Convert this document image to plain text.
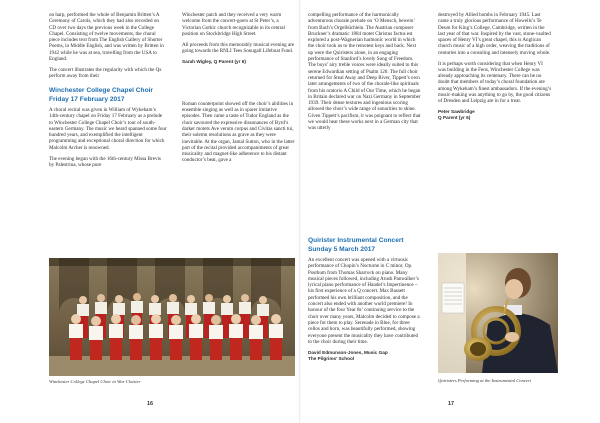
on harp, performed the whole of Benjamin Britten’s A Ceremony of Carols, which they had also recorded on CD over two days the previous week in the College Chapel. Consisting of twelve movements, the choral piece includes text from The English Gallery of Shorter Poems, in Middle English, and was written by Britten in 1942 while he was at sea, travelling from the USA to England.

The concert illustrates the regularity with which the Qs perform away from their

Winchester College Chapel Choir
Friday 17 February 2017

A choral recital was given in William of Wykeham’s 14th-century chapel on Friday 17 February as a prelude to Winchester College Chapel Choir’s tour of south-eastern Germany. The music we heard spanned some four hundred years, and exemplified the intelligent programming and exceptional choral direction for which Malcolm Archer is renowned.

The evening began with the 16th-century Missa Brevis by Palestrina, whose pure

Winchester patch and they received a very warm welcome from the concert-goers at St Peter’s, a Victorian Gothic church recognizable in its central position on Stockbridge High Street.

All proceeds from this memorably musical evening are going towards the RNLI Tees Sonugall Lifeboat Fund.

Sarah Wigley, Q Parent (yr 6)

Roman counterpoint showed off the choir’s abilities in ensemble singing as well as in sparer imitative episodes. Then came a taste of Tudor England as the choir savoured the expressive dissonances of Byrd’s darker motets Ave verum corpus and Civitas sancti tui, their solemn resolutions as grave as they were inevitable. At the organ, Jamal Sutton, who in the latter part of the recital provided accompaniments of great musicality and magnet-like adherence to his distant conductor’s beat, gave a

Winchester College Chapel Choir in War Cloister
16

compelling performance of the harmonically adventurous chorale prelude on ‘O Mensch, bewein’ from Bach’s Orgelbüchlein. The Austrian composer Bruckner’s dramatic 1884 motet Christus factus est explored a post-Wagnerian harmonic world in which the choir took us to the remotest keys and back. Next up were the Quiristers alone, in an engaging performance of Stanford’s lovely Song of Freedom. The boys’ airy treble voices were ideally suited to this serene Edwardian setting of Psalm 126. The full choir returned for Steal Away and Deep River, Tippett’s own later arrangements of two of the chorale-like spirituals from his oratorio A Child of Our Time, which he began in Britain declared war on Nazi Germany in September 1939. Their dense textures and ingenious scoring allowed the choir’s wide range of sonorities to shine. Given Tippett’s pacifism, it was poignant to reflect that we would hear these works next in a German city that was utterly

destroyed by Allied bombs in February 1945. Last came a truly glorious performance of Howells’s Te Deum for King’s College, Cambridge, written in the last year of that war. Inspired by the vast, stone-vaulted spaces of Henry VI’s great chapel, this is Anglican church music of a high order, weaving the traditions of centuries into a consoling and intensely moving whole.

It is perhaps worth considering that when Henry VI was building in the Fens, Winchester College was already approaching its centenary. There can be no doubt that members of today’s choral foundation are among Wykeham’s finest ambassadors. If the evening’s music-making was anything to go by, the good citizens of Dresden and Leipzig are in for a treat.

Peter Sawbridge
Q Parent (yr 6)
Quirister Instrumental Concert
Sunday 5 March 2017

An excellent concert was opened with a virtuosic performance of Chopin’s Nocturne in C minor, Op. Posthum from Thomas Sharrock on piano. Many musical pieces followed, including Arush Panwalker’s lyrical piano performance of Handel’s Impertinence – his first experience of a Q concert. Max Bassett performed his own brilliant composition, and the concert also ended with another world premiere! In honour of the four Year 8s’ continuing service to the choir over many years, Malcolm decided to compose a piece for them to play. Serenade in Blue, for three cellos and horn, was beautifully performed, showing everyone present the musicality they have contributed to the choir during their time.

David Edmunson-Jones, Music Gap
The Pilgrims’ School
Quiristers Performing at the Instrumental Concert
17
